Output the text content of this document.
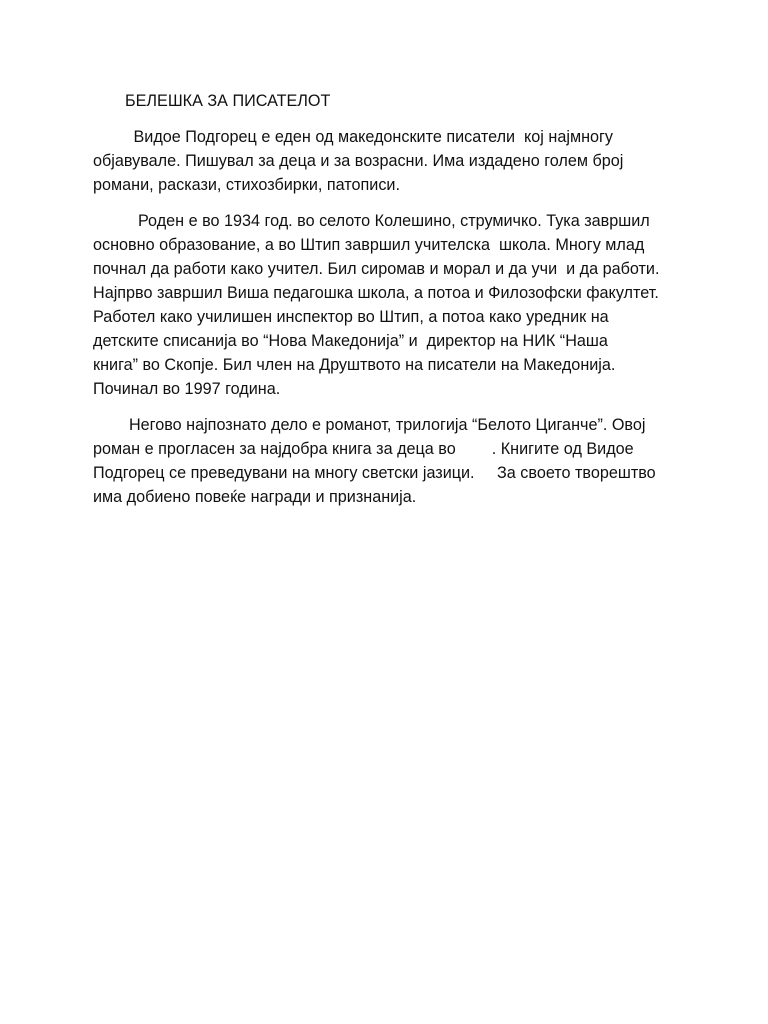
БЕЛЕШКА ЗА ПИСАТЕЛОТ
Видое Подгорец е еден од македонските писатели  кој најмногу
објавувале. Пишувал за деца и за возрасни. Има издадено голем број
романи, раскази, стихозбирки, патописи.
Роден е во 1934 год. во селото Колешино, струмичко. Тука завршил
основно образование, а во Штип завршил учителска  школа. Многу млад
почнал да работи како учител. Бил сиромав и морал и да учи  и да работи.
Најпрво завршил Виша педагошка школа, а потоа и Филозофски факултет.
Работел како училишен инспектор во Штип, а потоа како уредник на
детските списанија во “Нова Македонија” и  директор на НИК “Наша
книга” во Скопје. Бил член на Друштвото на писатели на Македонија.
Починал во 1997 година.
Негово најпознато дело е романот, трилогија “Белото Циганче”. Овој
роман е прогласен за најдобра книга за деца во        . Книгите од Видое
Подгорец се преведувани на многу светски јазици.     За своето творештво
има добиено повеќе награди и признанија.
